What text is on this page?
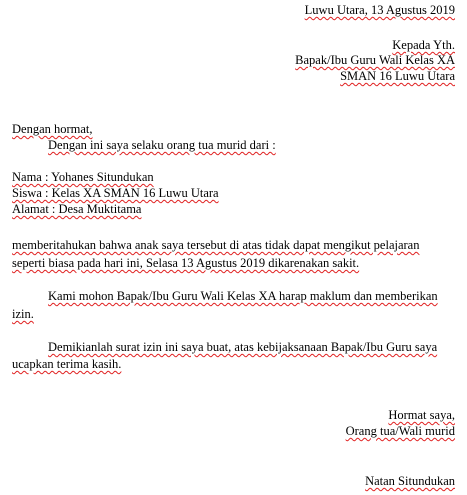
Luwu Utara, 13 Agustus 2019
Kepada Yth.
Bapak/Ibu Guru Wali Kelas XA
SMAN 16 Luwu Utara
Dengan hormat,
Dengan ini saya selaku orang tua murid dari :
Nama : Yohanes Situndukan
Siswa : Kelas XA SMAN 16 Luwu Utara
Alamat : Desa Muktitama
memberitahukan bahwa anak saya tersebut di atas tidak dapat mengikut pelajaran
seperti biasa pada hari ini, Selasa 13 Agustus 2019 dikarenakan sakit.
Kami mohon Bapak/Ibu Guru Wali Kelas XA harap maklum dan memberikan
izin.
Demikianlah surat izin ini saya buat, atas kebijaksanaan Bapak/Ibu Guru saya
ucapkan terima kasih.
Hormat saya,
Orang tua/Wali murid
Natan Situndukan
